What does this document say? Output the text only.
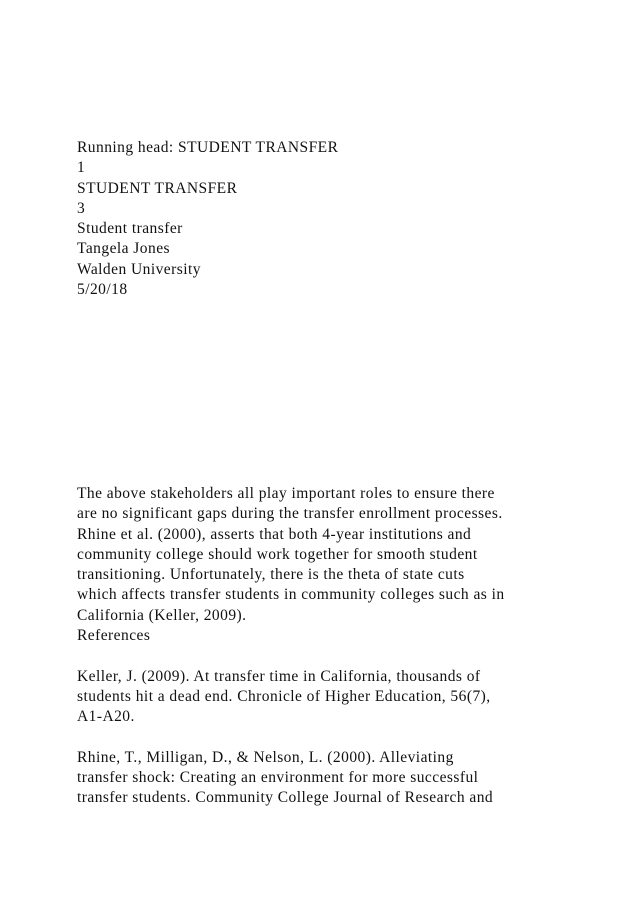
Running head: STUDENT TRANSFER
1
STUDENT TRANSFER
3
Student transfer
Tangela Jones
Walden University
5/20/18
The above stakeholders all play important roles to ensure there
are no significant gaps during the transfer enrollment processes.
Rhine et al. (2000), asserts that both 4-year institutions and
community college should work together for smooth student
transitioning. Unfortunately, there is the theta of state cuts
which affects transfer students in community colleges such as in
California (Keller, 2009).
References
Keller, J. (2009). At transfer time in California, thousands of
students hit a dead end. Chronicle of Higher Education, 56(7),
A1-A20.
Rhine, T., Milligan, D., & Nelson, L. (2000). Alleviating
transfer shock: Creating an environment for more successful
transfer students. Community College Journal of Research and
